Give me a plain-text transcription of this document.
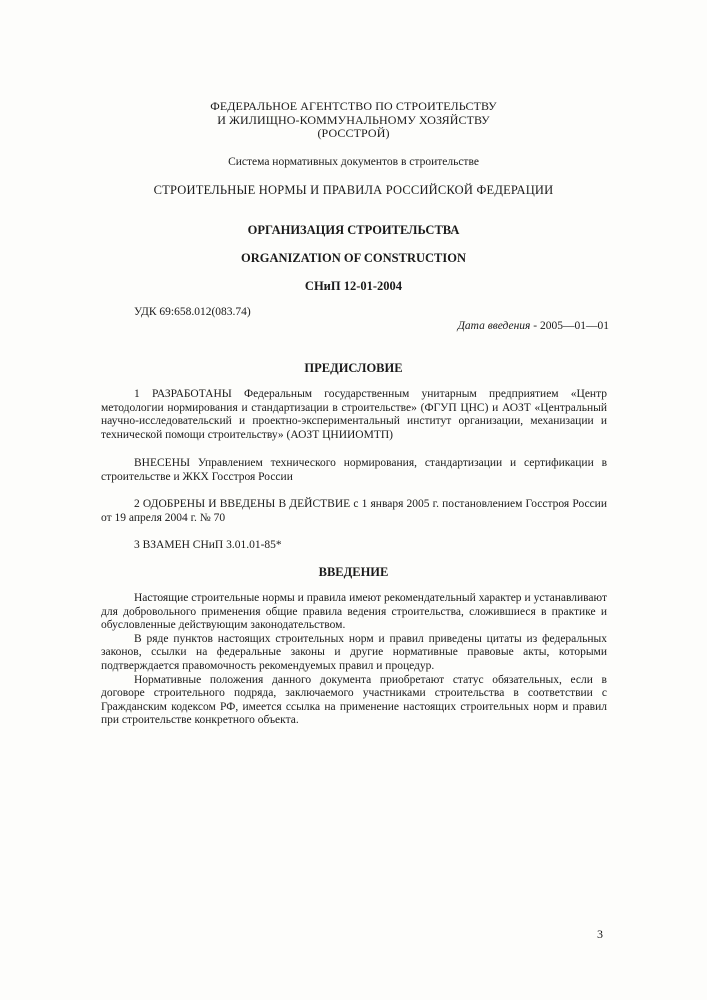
ФЕДЕРАЛЬНОЕ АГЕНТСТВО ПО СТРОИТЕЛЬСТВУ
И ЖИЛИЩНО-КОММУНАЛЬНОМУ ХОЗЯЙСТВУ
(РОССТРОЙ)
Система нормативных документов в строительстве
СТРОИТЕЛЬНЫЕ НОРМЫ И ПРАВИЛА РОССИЙСКОЙ ФЕДЕРАЦИИ
ОРГАНИЗАЦИЯ СТРОИТЕЛЬСТВА
ORGANIZATION OF CONSTRUCTION
СНиП 12-01-2004
УДК 69:658.012(083.74)
Дата введения - 2005—01—01
ПРЕДИСЛОВИЕ
1 РАЗРАБОТАНЫ Федеральным государственным унитарным предприятием «Центр методологии нормирования и стандартизации в строительстве» (ФГУП ЦНС) и АОЗТ «Центральный научно-исследовательский и проектно-экспериментальный институт организации, механизации и технической помощи строительству» (АОЗТ ЦНИИОМТП)
ВНЕСЕНЫ Управлением технического нормирования, стандартизации и сертификации в строительстве и ЖКХ Госстроя России
2 ОДОБРЕНЫ И ВВЕДЕНЫ В ДЕЙСТВИЕ с 1 января 2005 г. постановлением Госстроя России от 19 апреля 2004 г. № 70
3 ВЗАМЕН СНиП 3.01.01-85*
ВВЕДЕНИЕ

Настоящие строительные нормы и правила имеют рекомендательный характер и устанавливают для добровольного применения общие правила ведения строительства, сложившиеся в практике и обусловленные действующим законодательством.

В ряде пунктов настоящих строительных норм и правил приведены цитаты из федеральных законов, ссылки на федеральные законы и другие нормативные правовые акты, которыми подтверждается правомочность рекомендуемых правил и процедур.

Нормативные положения данного документа приобретают статус обязательных, если в договоре строительного подряда, заключаемого участниками строительства в соответствии с Гражданским кодексом РФ, имеется ссылка на применение настоящих строительных норм и правил при строительстве конкретного объекта.

3
